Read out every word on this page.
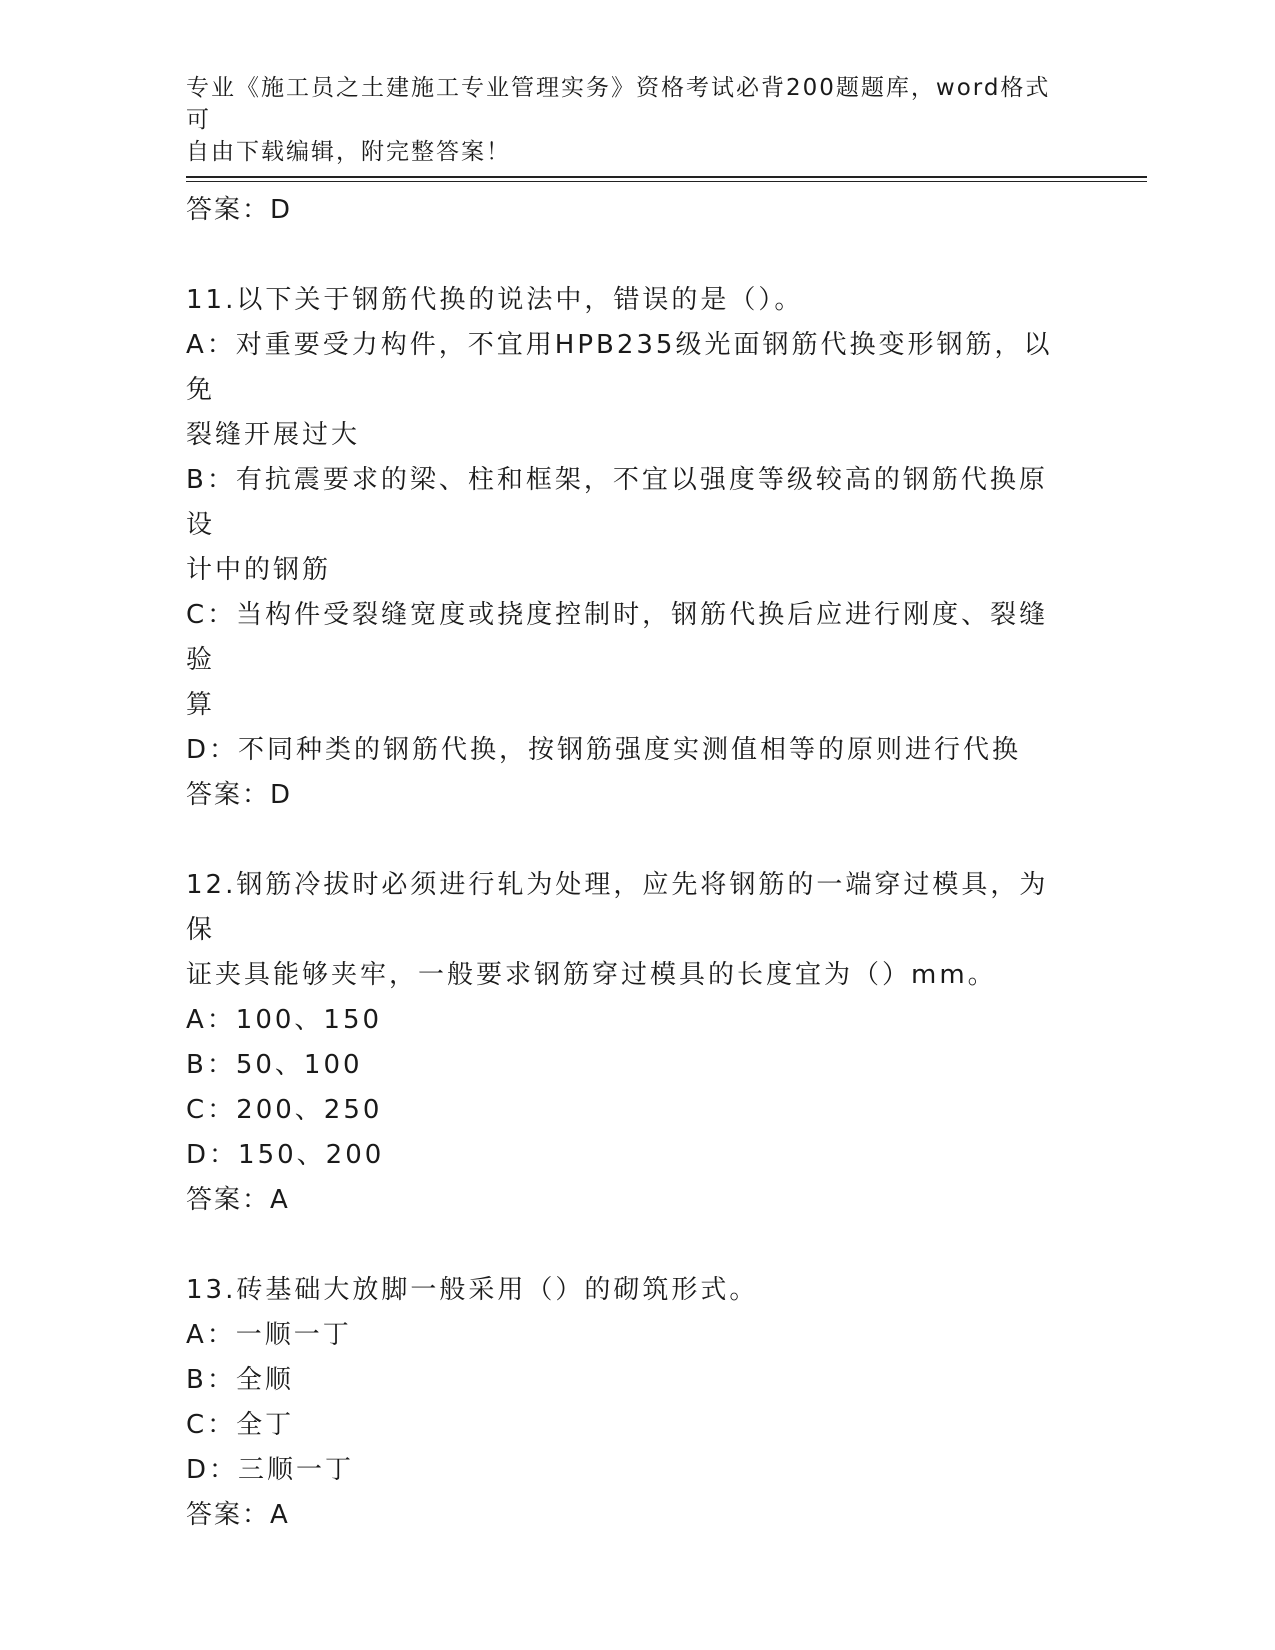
专业《施工员之土建施工专业管理实务》资格考试必背200题题库，word格式可
自由下载编辑，附完整答案！
答案：D
11.以下关于钢筋代换的说法中，错误的是（）。
A：对重要受力构件，不宜用HPB235级光面钢筋代换变形钢筋，以免
裂缝开展过大
B：有抗震要求的梁、柱和框架，不宜以强度等级较高的钢筋代换原设
计中的钢筋
C：当构件受裂缝宽度或挠度控制时，钢筋代换后应进行刚度、裂缝验
算
D：不同种类的钢筋代换，按钢筋强度实测值相等的原则进行代换
答案：D
12.钢筋冷拔时必须进行轧为处理，应先将钢筋的一端穿过模具，为保
证夹具能够夹牢，一般要求钢筋穿过模具的长度宜为（）mm。
A：100、150
B：50、100
C：200、250
D：150、200
答案：A
13.砖基础大放脚一般采用（）的砌筑形式。
A：一顺一丁
B：全顺
C：全丁
D：三顺一丁
答案：A
